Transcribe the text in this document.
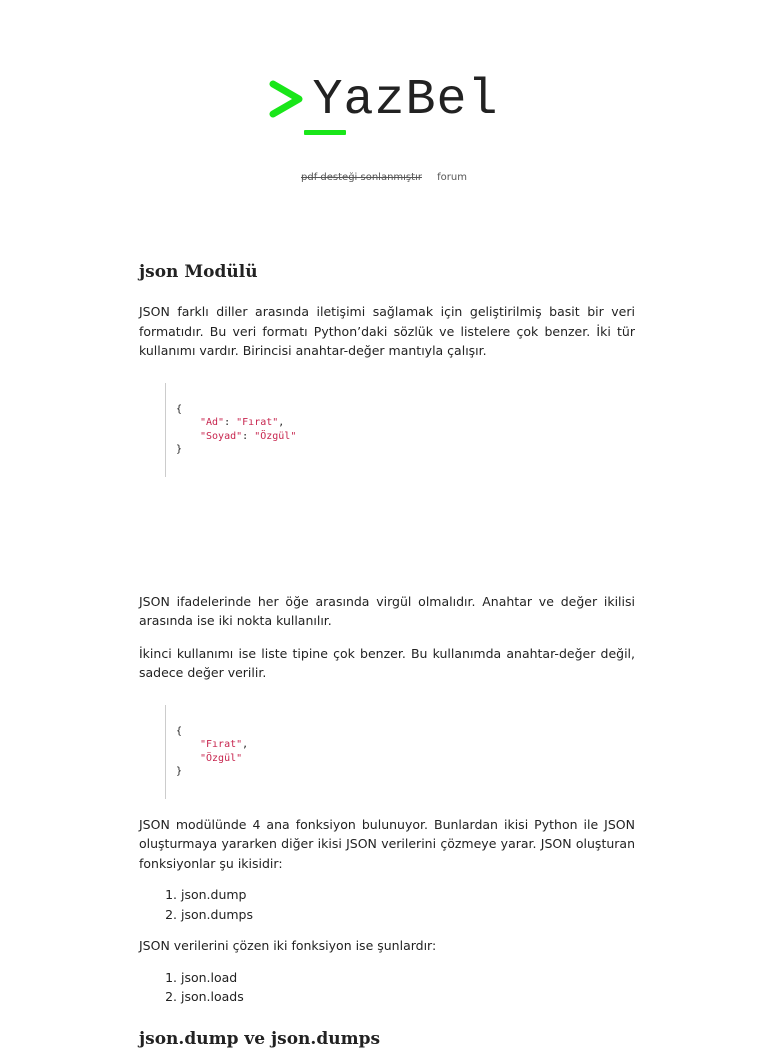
YazBel
pdf desteği sonlanmıştır forum
json Modülü

JSON farklı diller arasında iletişimi sağlamak için geliştirilmiş basit bir veri formatıdır. Bu veri formatı Python’daki sözlük ve listelere çok benzer. İki tür kullanımı vardır. Birincisi anahtar-değer mantıyla çalışır.

{
"Ad": "Fırat",
"Soyad": "Özgül"
}

JSON ifadelerinde her öğe arasında virgül olmalıdır. Anahtar ve değer ikilisi arasında ise iki nokta kullanılır.

İkinci kullanımı ise liste tipine çok benzer. Bu kullanımda anahtar-değer değil, sadece değer verilir.

{
"Fırat",
"Özgül"
}

JSON modülünde 4 ana fonksiyon bulunuyor. Bunlardan ikisi Python ile JSON oluşturmaya yararken diğer ikisi JSON verilerini çözmeye yarar. JSON oluşturan fonksiyonlar şu ikisidir:

1. json.dump
2. json.dumps

JSON verilerini çözen iki fonksiyon ise şunlardır:

1. json.load
2. json.loads
json.dump ve json.dumps
